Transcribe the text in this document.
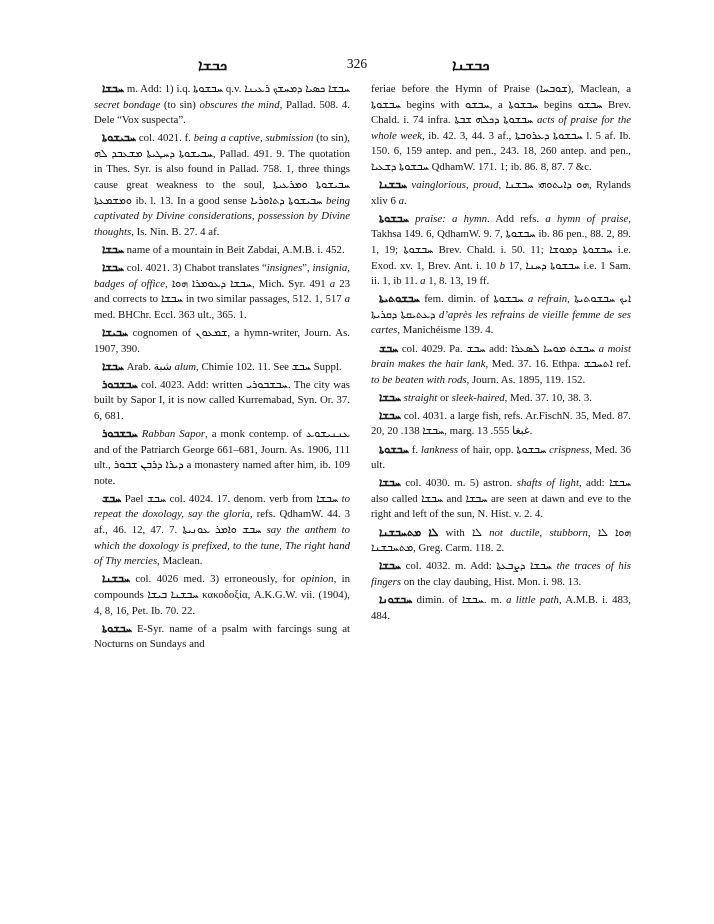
ܟܒܫܐ	326	ܟܒܫܢܐ

ܚܒܫܐ m. Add: 1) i.q. ܚܒܫܘܬܐ q.v. ܚܒܫܐ ܟܣܝܐ ܕܡܚܫܟ ܪܥܝܢܐ secret bondage (to sin) obscures the mind, Pallad. 508. 4. Dele “Vox suspecta”.

ܚܒܝܫܘܬܐ col. 4021. f. being a captive, submission (to sin), ܚܒܝܫܘܬܐ ܕܚܛܝܬܐ ܡܫܥܒܕ ܠܗ, Pallad. 491. 9. The quotation in Thes. Syr. is also found in Pallad. 758. 1, three things cause great weakness to the soul, ܚܒܝܫܘܬܐ ܘܡܪܥܝܬܐ ܘܡܫܡܥܬܐ ib. l. 13. In a good sense ܚܒܝܫܘܬܐ ܕܬܐܘܪܝܐ being captivated by Divine considerations, possession by Divine thoughts, Is. Nin. B. 27. 4 af.

ܚܒܫܐ name of a mountain in Beit Zabdai, A.M.B. i. 452.

ܚܒܫܐ col. 4021. 3) Chabot translates “insignes”, insignia, badges of office, ܚܒܫܐ ܕܥܘܡܪܐ ܗܘܐ, Mich. Syr. 491 a 23 and corrects to ܚܒܫܐ in two similar passages, 512. 1, 517 a med. BHChr. Eccl. 363 ult., 365. 1.

ܚܒܝܫܐ cognomen of ܫܡܥܘܢ, a hymn-writer, Journ. As. 1907, 390.

ܚܒܫܐ Arab. شبة alum, Chimie 102. 11. See ܚܒܫ Suppl.

ܚܒܫܒܘܪ col. 4023. Add: written ܚܒܫܒܘܪܝ. The city was built by Sapor I, it is now called Kurremabad, Syn. Or. 37. 6, 681.

ܚܒܫܒܘܪ Rabban Sapor, a monk contemp. of ܥܢܢܝܫܘܥ and of the Patriarch George 661–681, Journ. As. 1906, 111 ult., ܕܝܪܐ ܕܪܒܢ ܫܒܘܪ a monastery named after him, ib. 109 note.

ܚܒܫ Pael ܚܒܫ col. 4024. 17. denom. verb from ܚܒܫܐ to repeat the doxology, say the gloria, refs. QdhamW. 44. 3 af., 46. 12, 47. 7. ܚܒܫ ܘܐܡܪ ܥܘܢܝܬܐ say the anthem to which the doxology is prefixed, to the tune, The right hand of Thy mercies, Maclean.

ܚܒܫܢܐ col. 4026 med. 3) erroneously, for opinion, in compounds ܚܒܫܢܐ ܒܝܫܐ κακοδοξία, A.K.G.W. vii. (1904), 4, 8, 16, Pet. Ib. 70. 22.

ܚܒܫܘܬܐ E-Syr. name of a psalm with farcings sung at Nocturns on Sundays and

feriae before the Hymn of Praise (ܫܘܒܚܐ), Maclean, a ܚܒܫܘܬܐ begins with ܚܒܫܘ, a ܚܒܫܘܬܐ begins ܚܒܫܘ Brev. Chald. i. 74 infra. ܚܒܫܘܬܐ ܕܟܠܗ ܫܒܬܐ acts of praise for the whole week, ib. 42. 3, 44. 3 af., ܚܒܫܘܬܐ ܕܥܪܘܒܬܐ l. 5 af. Ib. 150. 6, 159 antep. and pen., 243. 18, 260 antep. and pen., ܚܒܫܘܬܐ ܕܫܥܝܐ QdhamW. 171. 1; ib. 86. 8, 87. 7 &c.

ܚܒܫܢܐ vainglorious, proud, ܗܘ ܕܐܝܬܘܗܝ ܚܒܫܢܐ, Rylands xliv 6 a.

ܚܒܫܘܬܐ praise: a hymn. Add refs. a hymn of praise, Takhsa 149. 6, QdhamW. 9. 7, ܚܒܫܘܬܐ ib. 86 pen., 88. 2, 89. 1, 19; ܚܒܫܘܬܐ Brev. Chald. i. 50. 11; ܚܒܫܘܬܐ ܕܡܘܫܐ i.e. Exod. xv. 1, Brev. Ant. i. 10 b 17, ܚܒܫܘܬܐ ܕܚܢܐ i.e. 1 Sam. ii. 1, ib 11. a 1, 8. 13, 19 ff.

ܚܒܫܘܬܝܬܐ fem. dimin. of ܚܒܫܘܬܐ a refrain, ܐܝܟ ܚܒܫܘܬܝܬܐ ܕܥܬܝܩܬܐ ܕܩܪܝܬܐ d’après les refrains de vieille femme de ses cartes, Manichéisme 139. 4.

ܚܒܫ col. 4029. Pa. ܚܒܫ add: ܚܒܫܬ ܡܘܚܐ ܠܣܥܪܐ a moist brain makes the hair lank, Med. 37. 16. Ethpa. ܐܬܚܒܫ ref. to be beaten with rods, Journ. As. 1895, 119. 152.

ܚܒܫܐ straight or sleek-haired, Med. 37. 10, 38. 3.

ܚܒܫܐ col. 4031. a large fish, refs. Ar.FischN. 35, Med. 87. 20, ܚܒܫܐ 138. 20, marg. غبغا 555. 13.

ܚܒܫܘܬܐ f. lankness of hair, opp. ܚܒܫܘܬܐ crispness, Med. 36 ult.

ܚܒܫܐ col. 4030. m. 5) astron. shafts of light, add: ܚܒܫܐ also called ܚܒܫܐ and ܚܒܫܐ are seen at dawn and eve to the right and left of the sun, N. Hist. v. 2. 4.

ܠܐ ܡܬܚܒܫܢܐ with ܠܐ not ductile, stubborn, ܗܘܐ ܠܐ ܡܬܚܒܫܢܐ, Greg. Carm. 118. 2.

ܚܒܫܐ col. 4032. m. Add: ܚܒܫܐ ܕܨܒܥܬܐ the traces of his fingers on the clay daubing, Hist. Mon. i. 98. 13.

ܚܒܫܘܢܐ dimin. of ܚܒܫܐ. m. a little path, A.M.B. i. 483, 484.
